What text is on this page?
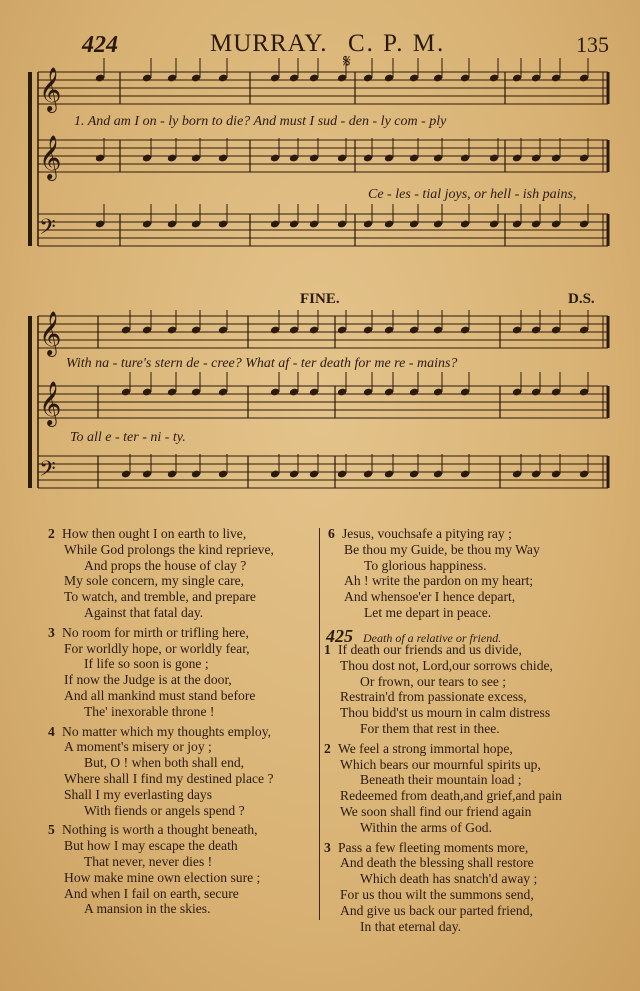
424	MURRAY. C. P. M.	135
𝄞
𝄞
𝄢
𝄞
𝄞
𝄢
𝄋
FINE.	D.S.
1. And am I on - ly born to die? And must I sud - den - ly com - ply
Ce - les - tial joys, or hell - ish pains,
With na - ture's stern de - cree? What af - ter death for me re - mains?
To all e - ter - ni - ty.
2 How then ought I on earth to live,
While God prolongs the kind reprieve,
And props the house of clay ?
My sole concern, my single care,
To watch, and tremble, and prepare
Against that fatal day.
3 No room for mirth or trifling here,
For worldly hope, or worldly fear,
If life so soon is gone ;
If now the Judge is at the door,
And all mankind must stand before
The' inexorable throne !
4 No matter which my thoughts employ,
A moment's misery or joy ;
But, O ! when both shall end,
Where shall I find my destined place ?
Shall I my everlasting days
With fiends or angels spend ?
5 Nothing is worth a thought beneath,
But how I may escape the death
That never, never dies !
How make mine own election sure ;
And when I fail on earth, secure
A mansion in the skies.
6 Jesus, vouchsafe a pitying ray ;
Be thou my Guide, be thou my Way
To glorious happiness.
Ah ! write the pardon on my heart;
And whensoe'er I hence depart,
Let me depart in peace.
425 Death of a relative or friend.
1 If death our friends and us divide,
Thou dost not, Lord,our sorrows chide,
Or frown, our tears to see ;
Restrain'd from passionate excess,
Thou bidd'st us mourn in calm distress
For them that rest in thee.
2 We feel a strong immortal hope,
Which bears our mournful spirits up,
Beneath their mountain load ;
Redeemed from death,and grief,and pain
We soon shall find our friend again
Within the arms of God.
3 Pass a few fleeting moments more,
And death the blessing shall restore
Which death has snatch'd away ;
For us thou wilt the summons send,
And give us back our parted friend,
In that eternal day.
